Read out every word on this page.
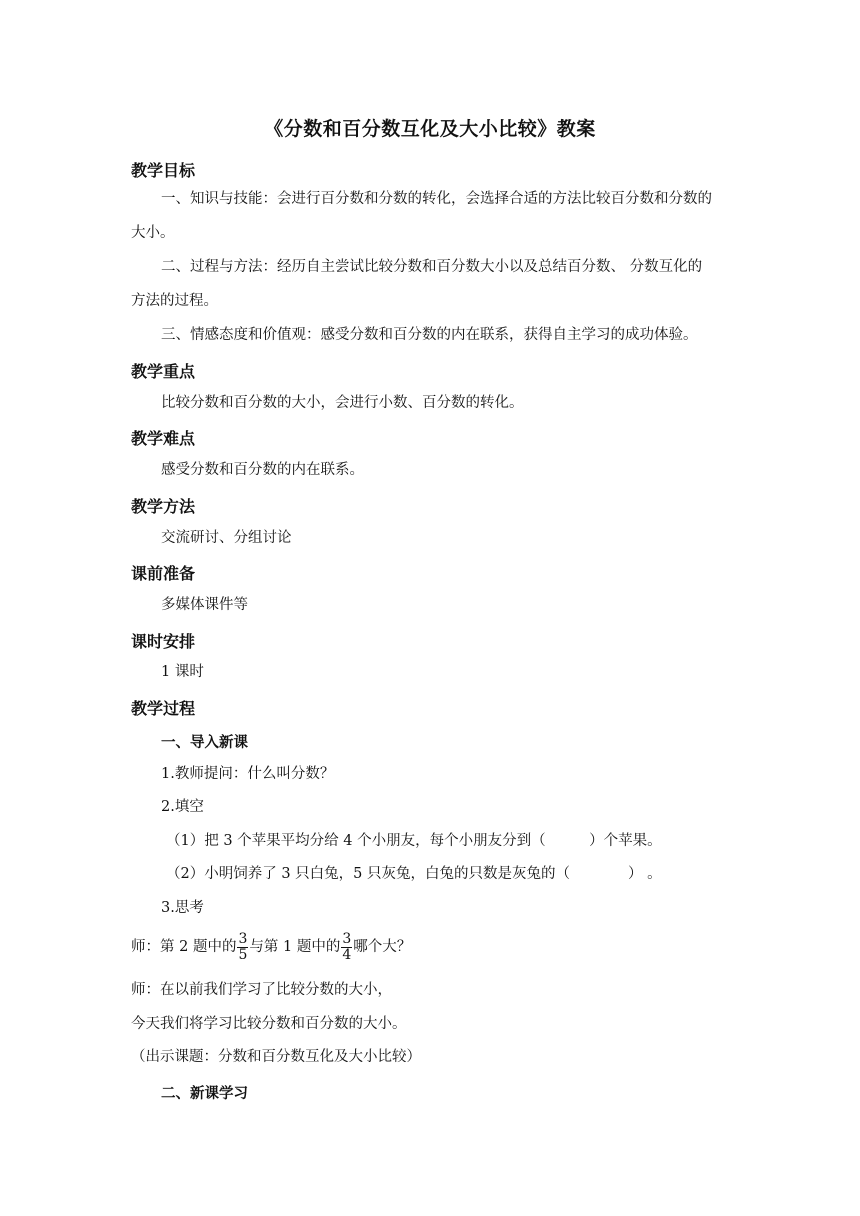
《分数和百分数互化及大小比较》教案
教学目标
一、知识与技能：会进行百分数和分数的转化，会选择合适的方法比较百分数和分数的
大小。
二、过程与方法：经历自主尝试比较分数和百分数大小以及总结百分数、 分数互化的
方法的过程。
三、情感态度和价值观：感受分数和百分数的内在联系，获得自主学习的成功体验。
教学重点
比较分数和百分数的大小，会进行小数、百分数的转化。
教学难点
感受分数和百分数的内在联系。
教学方法
交流研讨、分组讨论
课前准备
多媒体课件等
课时安排
1 课时
教学过程
一、导入新课
1.教师提问：什么叫分数？
2.填空
（1）把 3 个苹果平均分给 4 个小朋友，每个小朋友分到（　　　）个苹果。
（2）小明饲养了 3 只白兔，5 只灰兔，白兔的只数是灰兔的（　　　　） 。
3.思考
师：第 2 题中的 $\frac{3}{5}$ 与第 1 题中的 $\frac{3}{4}$ 哪个大？
师：在以前我们学习了比较分数的大小，
今天我们将学习比较分数和百分数的大小。
（出示课题：分数和百分数互化及大小比较）
二、新课学习
